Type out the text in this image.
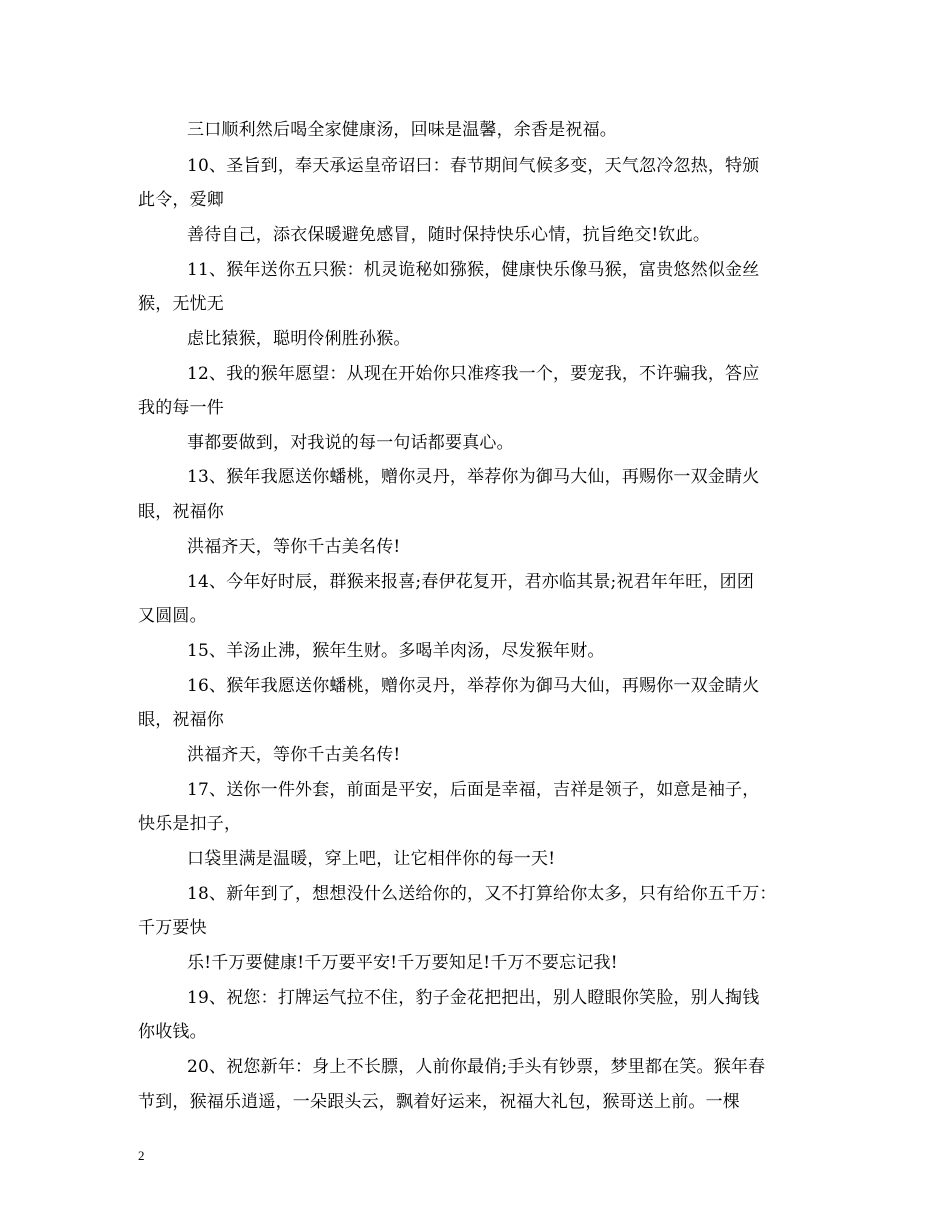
三口顺利然后喝全家健康汤，回味是温馨，余香是祝福。
10、圣旨到，奉天承运皇帝诏曰：春节期间气候多变，天气忽冷忽热，特颁
此令，爱卿
善待自己，添衣保暖避免感冒，随时保持快乐心情，抗旨绝交!钦此。
11、猴年送你五只猴：机灵诡秘如猕猴，健康快乐像马猴，富贵悠然似金丝
猴，无忧无
虑比猿猴，聪明伶俐胜孙猴。
12、我的猴年愿望：从现在开始你只准疼我一个，要宠我，不许骗我，答应
我的每一件
事都要做到，对我说的每一句话都要真心。
13、猴年我愿送你蟠桃，赠你灵丹，举荐你为御马大仙，再赐你一双金睛火
眼，祝福你
洪福齐天，等你千古美名传!
14、今年好时辰，群猴来报喜;春伊花复开，君亦临其景;祝君年年旺，团团
又圆圆。
15、羊汤止沸，猴年生财。多喝羊肉汤，尽发猴年财。
16、猴年我愿送你蟠桃，赠你灵丹，举荐你为御马大仙，再赐你一双金睛火
眼，祝福你
洪福齐天，等你千古美名传!
17、送你一件外套，前面是平安，后面是幸福，吉祥是领子，如意是袖子，
快乐是扣子，
口袋里满是温暖，穿上吧，让它相伴你的每一天!
18、新年到了，想想没什么送给你的，又不打算给你太多，只有给你五千万：
千万要快
乐!千万要健康!千万要平安!千万要知足!千万不要忘记我!
19、祝您：打牌运气拉不住，豹子金花把把出，别人瞪眼你笑脸，别人掏钱
你收钱。
20、祝您新年：身上不长膘，人前你最俏;手头有钞票，梦里都在笑。猴年春
节到，猴福乐逍遥，一朵跟头云，飘着好运来，祝福大礼包，猴哥送上前。一棵
2
